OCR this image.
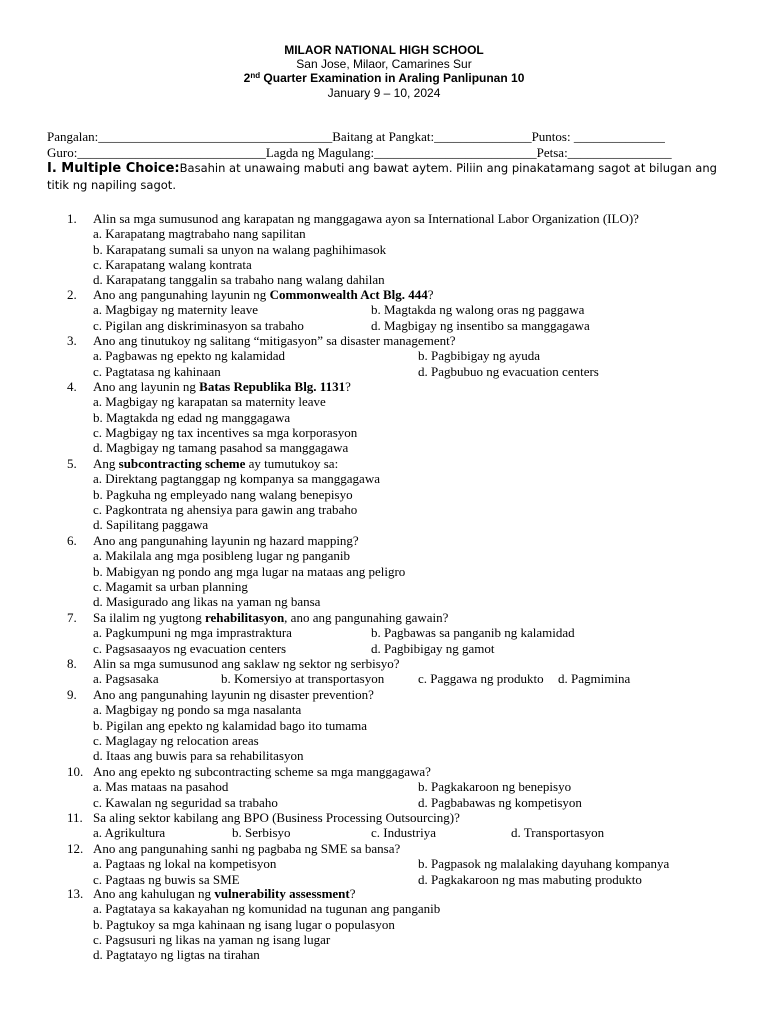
MILAOR NATIONAL HIGH SCHOOL
San Jose, Milaor, Camarines Sur
2nd Quarter Examination in Araling Panlipunan 10
January 9 – 10, 2024
Pangalan:____________________________________Baitang at Pangkat:_______________Puntos: ______________
Guro:_____________________________Lagda ng Magulang:_________________________Petsa:________________
I. Multiple Choice:Basahin at unawaing mabuti ang bawat aytem. Piliin ang pinakatamang sagot at bilugan ang titik ng napiling sagot.
1.	Alin sa mga sumusunod ang karapatan ng manggagawa ayon sa International Labor Organization (ILO)?
a. Karapatang magtrabaho nang sapilitan
b. Karapatang sumali sa unyon na walang paghihimasok
c. Karapatang walang kontrata
d. Karapatang tanggalin sa trabaho nang walang dahilan
2.	Ano ang pangunahing layunin ng Commonwealth Act Blg. 444?
a. Magbigay ng maternity leave	b. Magtakda ng walong oras ng paggawa
c. Pigilan ang diskriminasyon sa trabaho	d. Magbigay ng insentibo sa manggagawa
3.	Ano ang tinutukoy ng salitang “mitigasyon” sa disaster management?
a. Pagbawas ng epekto ng kalamidad	b. Pagbibigay ng ayuda
c. Pagtatasa ng kahinaan	d. Pagbubuo ng evacuation centers
4.	Ano ang layunin ng Batas Republika Blg. 1131?
a. Magbigay ng karapatan sa maternity leave
b. Magtakda ng edad ng manggagawa
c. Magbigay ng tax incentives sa mga korporasyon
d. Magbigay ng tamang pasahod sa manggagawa
5.	Ang subcontracting scheme ay tumutukoy sa:
a. Direktang pagtanggap ng kompanya sa manggagawa
b. Pagkuha ng empleyado nang walang benepisyo
c. Pagkontrata ng ahensiya para gawin ang trabaho
d. Sapilitang paggawa
6.	Ano ang pangunahing layunin ng hazard mapping?
a. Makilala ang mga posibleng lugar ng panganib
b. Mabigyan ng pondo ang mga lugar na mataas ang peligro
c. Magamit sa urban planning
d. Masigurado ang likas na yaman ng bansa
7.	Sa ilalim ng yugtong rehabilitasyon, ano ang pangunahing gawain?
a. Pagkumpuni ng mga imprastraktura	b. Pagbawas sa panganib ng kalamidad
c. Pagsasaayos ng evacuation centers	d. Pagbibigay ng gamot
8.	Alin sa mga sumusunod ang saklaw ng sektor ng serbisyo?
a. Pagsasaka	b. Komersiyo at transportasyon	c. Paggawa ng produkto d. Pagmimina
9.	Ano ang pangunahing layunin ng disaster prevention?
a. Magbigay ng pondo sa mga nasalanta
b. Pigilan ang epekto ng kalamidad bago ito tumama
c. Maglagay ng relocation areas
d. Itaas ang buwis para sa rehabilitasyon
10. Ano ang epekto ng subcontracting scheme sa mga manggagawa?
a. Mas mataas na pasahod	b. Pagkakaroon ng benepisyo
c. Kawalan ng seguridad sa trabaho	d. Pagbabawas ng kompetisyon
11. Sa aling sektor kabilang ang BPO (Business Processing Outsourcing)?
a. Agrikultura	b. Serbisyo	c. Industriya	d. Transportasyon
12. Ano ang pangunahing sanhi ng pagbaba ng SME sa bansa?
a. Pagtaas ng lokal na kompetisyon	b. Pagpasok ng malalaking dayuhang kompanya
c. Pagtaas ng buwis sa SME	d. Pagkakaroon ng mas mabuting produkto
13. Ano ang kahulugan ng vulnerability assessment?
a. Pagtataya sa kakayahan ng komunidad na tugunan ang panganib
b. Pagtukoy sa mga kahinaan ng isang lugar o populasyon
c. Pagsusuri ng likas na yaman ng isang lugar
d. Pagtatayo ng ligtas na tirahan
